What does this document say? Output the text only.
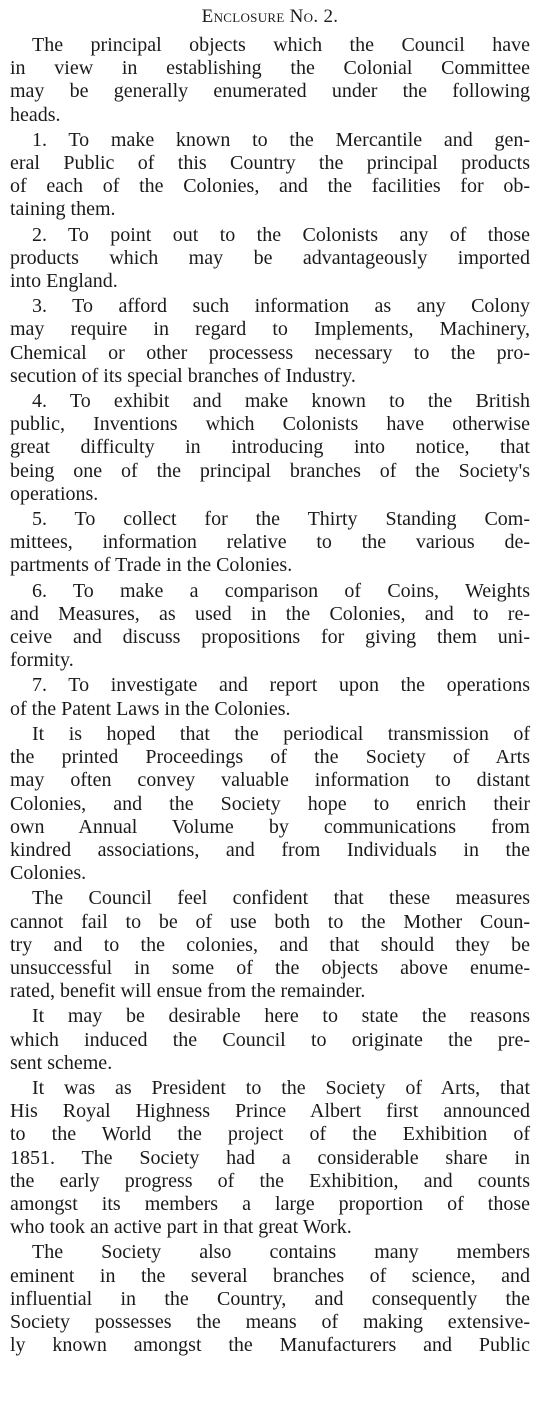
Enclosure No. 2.
The principal objects which the Council have
in view in establishing the Colonial Committee
may be generally enumerated under the following
heads.
1. To make known to the Mercantile and gen-
eral Public of this Country the principal products
of each of the Colonies, and the facilities for ob-
taining them.
2. To point out to the Colonists any of those
products which may be advantageously imported
into England.
3. To afford such information as any Colony
may require in regard to Implements, Machinery,
Chemical or other processess necessary to the pro-
secution of its special branches of Industry.
4. To exhibit and make known to the British
public, Inventions which Colonists have otherwise
great difficulty in introducing into notice, that
being one of the principal branches of the Society's
operations.
5. To collect for the Thirty Standing Com-
mittees, information relative to the various de-
partments of Trade in the Colonies.
6. To make a comparison of Coins, Weights
and Measures, as used in the Colonies, and to re-
ceive and discuss propositions for giving them uni-
formity.
7. To investigate and report upon the operations
of the Patent Laws in the Colonies.
It is hoped that the periodical transmission of
the printed Proceedings of the Society of Arts
may often convey valuable information to distant
Colonies, and the Society hope to enrich their
own Annual Volume by communications from
kindred associations, and from Individuals in the
Colonies.
The Council feel confident that these measures
cannot fail to be of use both to the Mother Coun-
try and to the colonies, and that should they be
unsuccessful in some of the objects above enume-
rated, benefit will ensue from the remainder.
It may be desirable here to state the reasons
which induced the Council to originate the pre-
sent scheme.
It was as President to the Society of Arts, that
His Royal Highness Prince Albert first announced
to the World the project of the Exhibition of
1851. The Society had a considerable share in
the early progress of the Exhibition, and counts
amongst its members a large proportion of those
who took an active part in that great Work.
The Society also contains many members
eminent in the several branches of science, and
influential in the Country, and consequently the
Society possesses the means of making extensive-
ly known amongst the Manufacturers and Public
